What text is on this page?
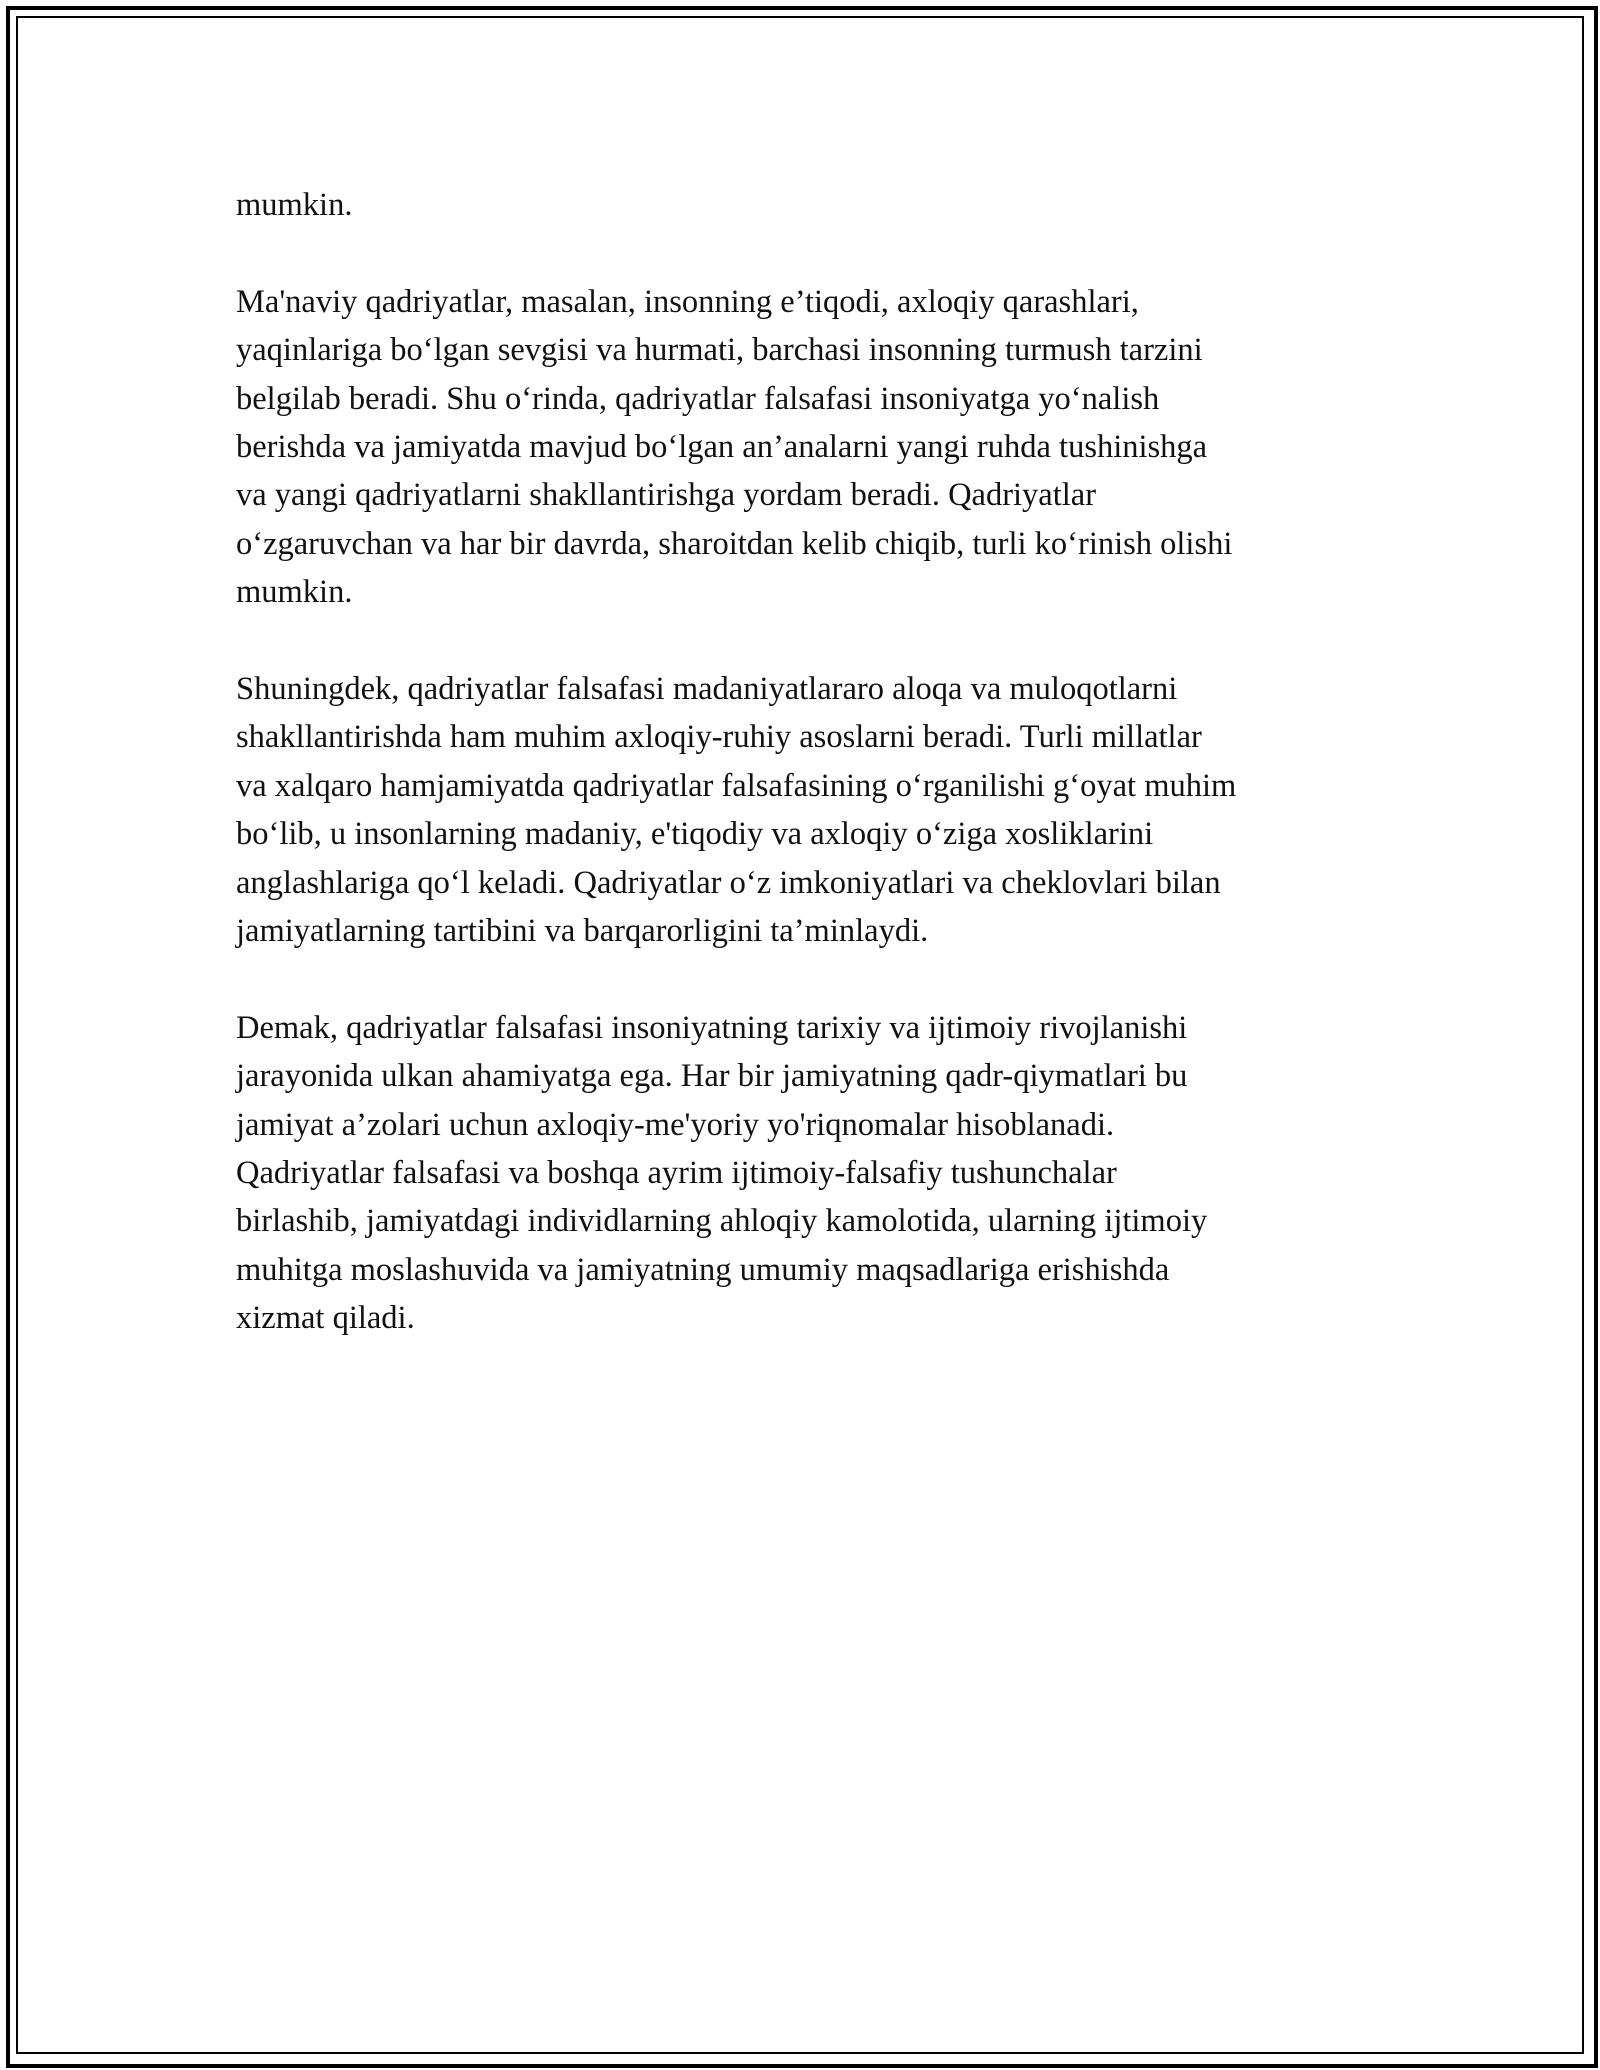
mumkin.

Ma'naviy qadriyatlar, masalan, insonning e’tiqodi, axloqiy qarashlari,
yaqinlariga bo‘lgan sevgisi va hurmati, barchasi insonning turmush tarzini
belgilab beradi. Shu o‘rinda, qadriyatlar falsafasi insoniyatga yo‘nalish
berishda va jamiyatda mavjud bo‘lgan an’analarni yangi ruhda tushinishga
va yangi qadriyatlarni shakllantirishga yordam beradi. Qadriyatlar
o‘zgaruvchan va har bir davrda, sharoitdan kelib chiqib, turli ko‘rinish olishi
mumkin.

Shuningdek, qadriyatlar falsafasi madaniyatlararo aloqa va muloqotlarni
shakllantirishda ham muhim axloqiy-ruhiy asoslarni beradi. Turli millatlar
va xalqaro hamjamiyatda qadriyatlar falsafasining o‘rganilishi g‘oyat muhim
bo‘lib, u insonlarning madaniy, e'tiqodiy va axloqiy o‘ziga xosliklarini
anglashlariga qo‘l keladi. Qadriyatlar o‘z imkoniyatlari va cheklovlari bilan
jamiyatlarning tartibini va barqarorligini ta’minlaydi.

Demak, qadriyatlar falsafasi insoniyatning tarixiy va ijtimoiy rivojlanishi
jarayonida ulkan ahamiyatga ega. Har bir jamiyatning qadr-qiymatlari bu
jamiyat a’zolari uchun axloqiy-me'yoriy yo'riqnomalar hisoblanadi.
Qadriyatlar falsafasi va boshqa ayrim ijtimoiy-falsafiy tushunchalar
birlashib, jamiyatdagi individlarning ahloqiy kamolotida, ularning ijtimoiy
muhitga moslashuvida va jamiyatning umumiy maqsadlariga erishishda
xizmat qiladi.
